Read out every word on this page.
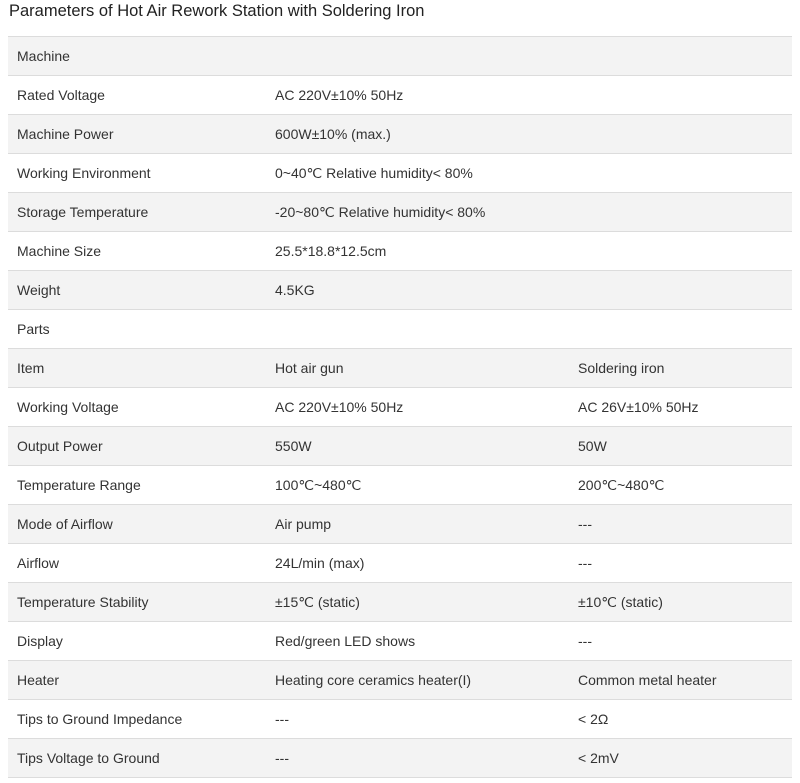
Parameters of Hot Air Rework Station with Soldering Iron
Machine		
Rated Voltage	AC 220V±10% 50Hz	
Machine Power	600W±10% (max.)	
Working Environment	0~40℃ Relative humidity< 80%	
Storage Temperature	-20~80℃ Relative humidity< 80%	
Machine Size	25.5*18.8*12.5cm	
Weight	4.5KG	
Parts		
Item	Hot air gun	Soldering iron
Working Voltage	AC 220V±10% 50Hz	AC 26V±10% 50Hz
Output Power	550W	50W
Temperature Range	100℃~480℃	200℃~480℃
Mode of Airflow	Air pump	---
Airflow	24L/min (max)	---
Temperature Stability	±15℃ (static)	±10℃ (static)
Display	Red/green LED shows	---
Heater	Heating core ceramics heater(I)	Common metal heater
Tips to Ground Impedance	---	< 2Ω
Tips Voltage to Ground	---	< 2mV
